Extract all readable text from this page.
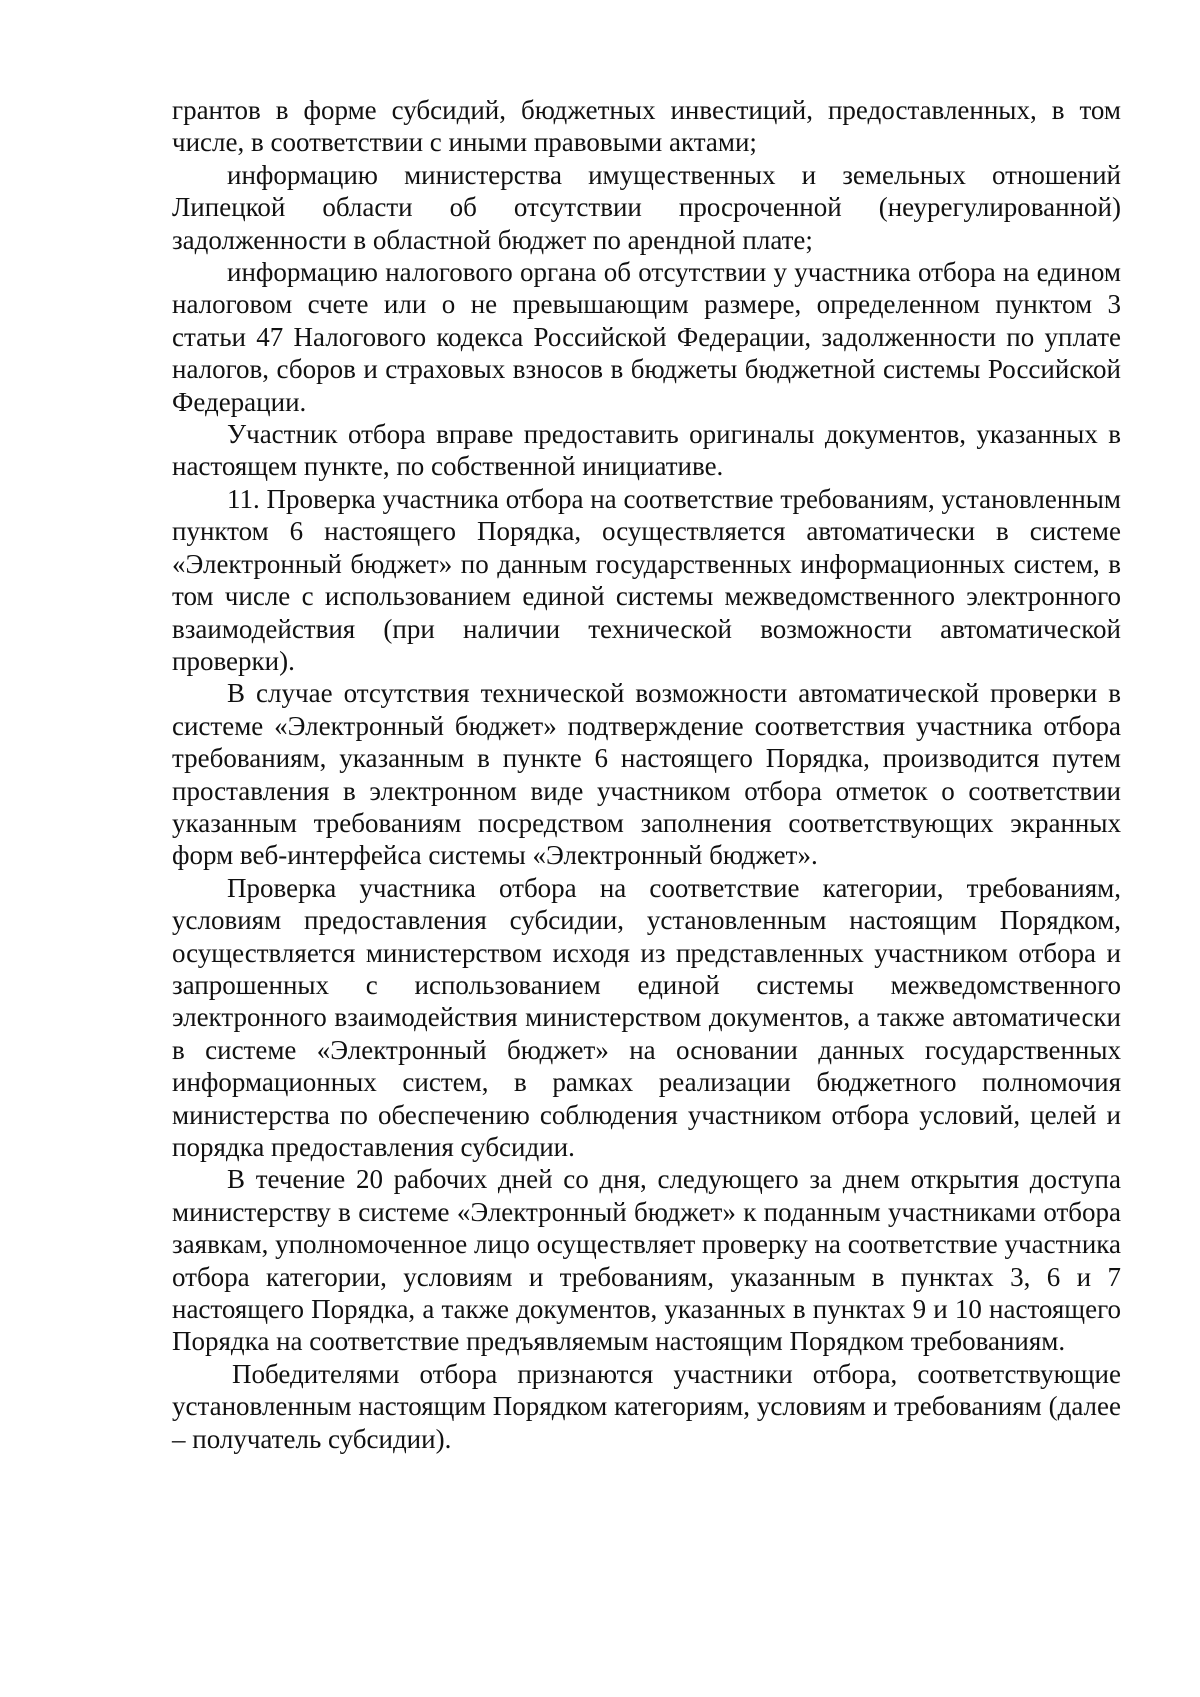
грантов в форме субсидий, бюджетных инвестиций, предоставленных, в том числе, в соответствии с иными правовыми актами;

информацию министерства имущественных и земельных отношений Липецкой области об отсутствии просроченной (неурегулированной) задолженности в областной бюджет по арендной плате;

информацию налогового органа об отсутствии у участника отбора на едином налоговом счете или о не превышающим размере, определенном пунктом 3 статьи 47 Налогового кодекса Российской Федерации, задолженности по уплате налогов, сборов и страховых взносов в бюджеты бюджетной системы Российской Федерации.

Участник отбора вправе предоставить оригиналы документов, указанных в настоящем пункте, по собственной инициативе.

11. Проверка участника отбора на соответствие требованиям, установленным пунктом 6 настоящего Порядка, осуществляется автоматически в системе «Электронный бюджет» по данным государственных информационных систем, в том числе с использованием единой системы межведомственного электронного взаимодействия (при наличии технической возможности автоматической проверки).

В случае отсутствия технической возможности автоматической проверки в системе «Электронный бюджет» подтверждение соответствия участника отбора требованиям, указанным в пункте 6 настоящего Порядка, производится путем проставления в электронном виде участником отбора отметок о соответствии указанным требованиям посредством заполнения соответствующих экранных форм веб-интерфейса системы «Электронный бюджет».

Проверка участника отбора на соответствие категории, требованиям, условиям предоставления субсидии, установленным настоящим Порядком, осуществляется министерством исходя из представленных участником отбора и запрошенных с использованием единой системы межведомственного электронного взаимодействия министерством документов, а также автоматически в системе «Электронный бюджет» на основании данных государственных информационных систем, в рамках реализации бюджетного полномочия министерства по обеспечению соблюдения участником отбора условий, целей и порядка предоставления субсидии.

В течение 20 рабочих дней со дня, следующего за днем открытия доступа министерству в системе «Электронный бюджет» к поданным участниками отбора заявкам, уполномоченное лицо осуществляет проверку на соответствие участника отбора категории, условиям и требованиям, указанным в пунктах 3, 6 и 7 настоящего Порядка, а также документов, указанных в пунктах 9 и 10 настоящего Порядка на соответствие предъявляемым настоящим Порядком требованиям.

Победителями отбора признаются участники отбора, соответствующие установленным настоящим Порядком категориям, условиям и требованиям (далее – получатель субсидии).
